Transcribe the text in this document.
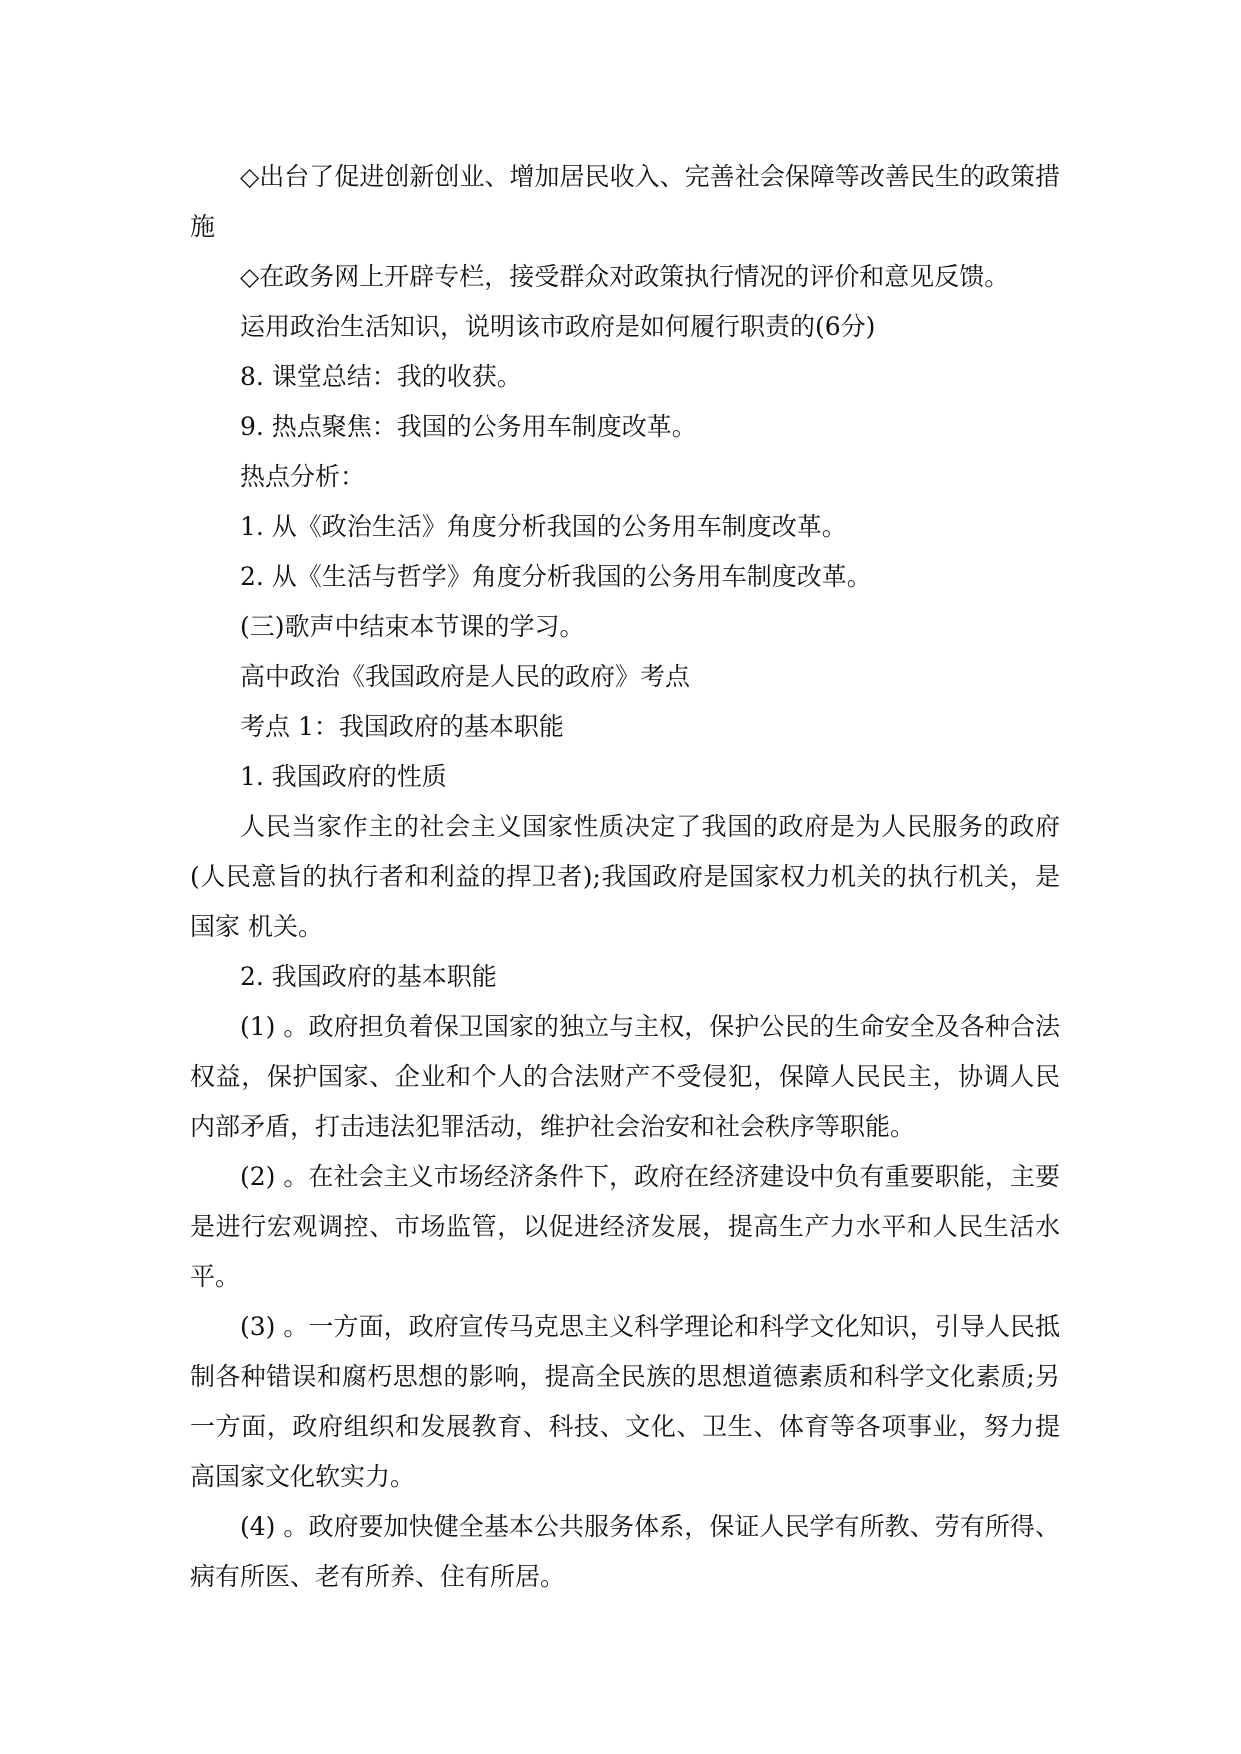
◇出台了促进创新创业、增加居民收入、完善社会保障等改善民生的政策措施

◇在政务网上开辟专栏，接受群众对政策执行情况的评价和意见反馈。

运用政治生活知识，说明该市政府是如何履行职责的(6分)

8. 课堂总结：我的收获。

9. 热点聚焦：我国的公务用车制度改革。

热点分析：

1. 从《政治生活》角度分析我国的公务用车制度改革。

2. 从《生活与哲学》角度分析我国的公务用车制度改革。

(三)歌声中结束本节课的学习。

高中政治《我国政府是人民的政府》考点

考点 1：我国政府的基本职能

1. 我国政府的性质

人民当家作主的社会主义国家性质决定了我国的政府是为人民服务的政府(人民意旨的执行者和利益的捍卫者);我国政府是国家权力机关的执行机关，是国家 机关。

2. 我国政府的基本职能

(1) 。政府担负着保卫国家的独立与主权，保护公民的生命安全及各种合法权益，保护国家、企业和个人的合法财产不受侵犯，保障人民民主，协调人民内部矛盾，打击违法犯罪活动，维护社会治安和社会秩序等职能。

(2) 。在社会主义市场经济条件下，政府在经济建设中负有重要职能，主要是进行宏观调控、市场监管，以促进经济发展，提高生产力水平和人民生活水平。

(3) 。一方面，政府宣传马克思主义科学理论和科学文化知识，引导人民抵制各种错误和腐朽思想的影响，提高全民族的思想道德素质和科学文化素质;另一方面，政府组织和发展教育、科技、文化、卫生、体育等各项事业，努力提高国家文化软实力。

(4) 。政府要加快健全基本公共服务体系，保证人民学有所教、劳有所得、病有所医、老有所养、住有所居。
